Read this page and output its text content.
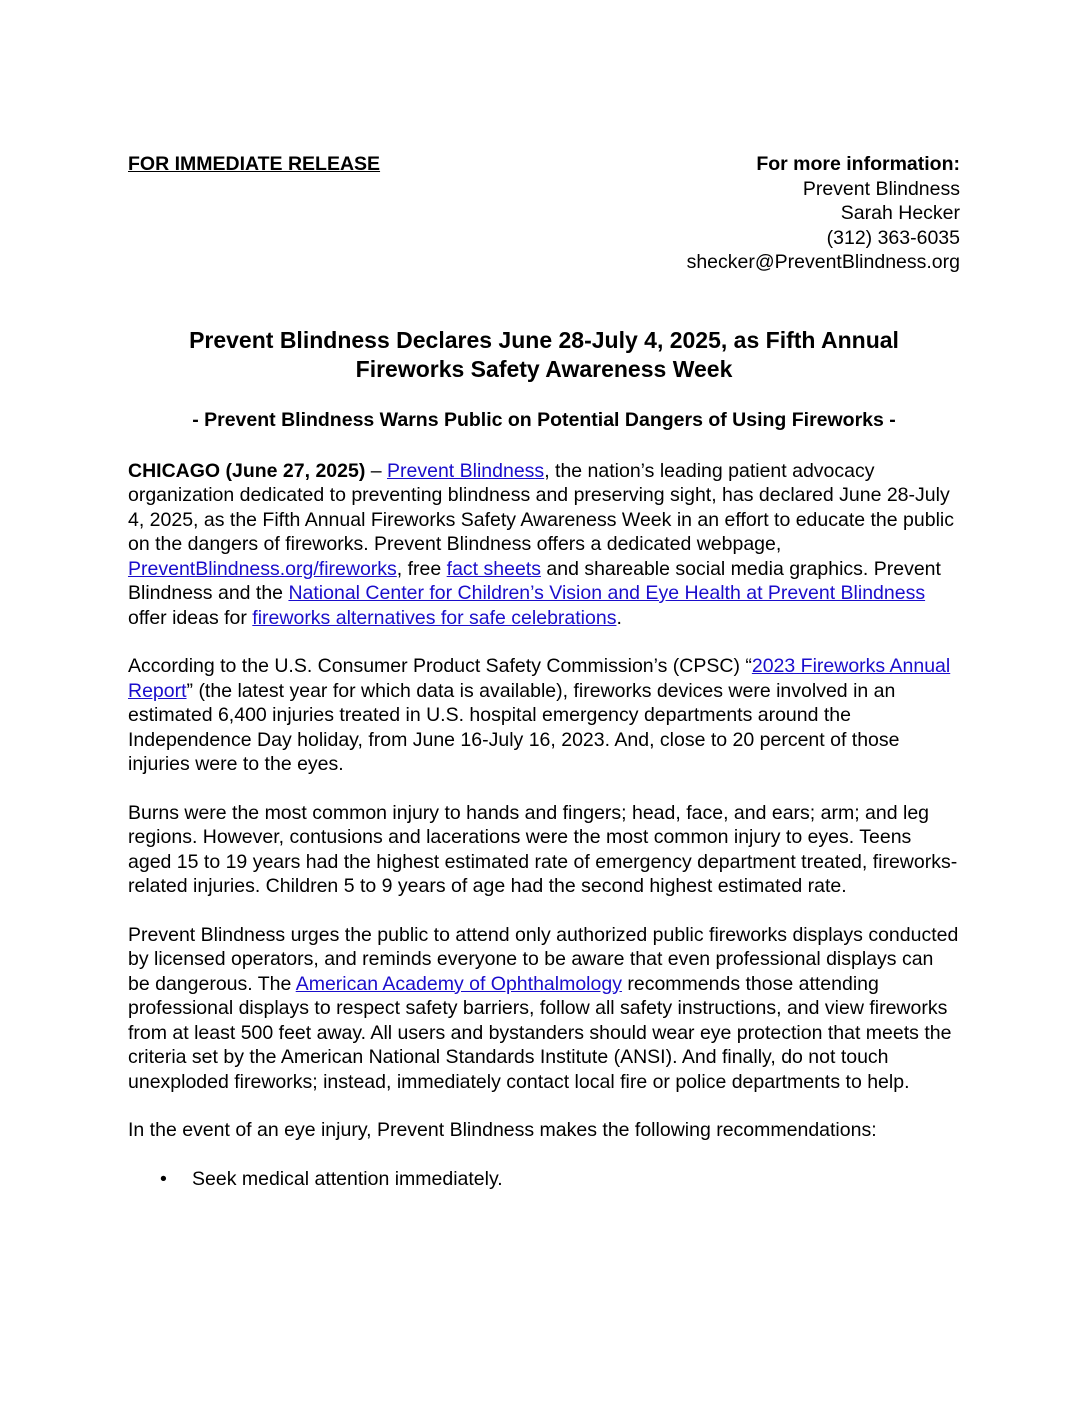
FOR IMMEDIATE RELEASE	For more information:
Prevent Blindness
Sarah Hecker
(312) 363-6035
shecker@PreventBlindness.org
Prevent Blindness Declares June 28-July 4, 2025, as Fifth Annual Fireworks Safety Awareness Week
- Prevent Blindness Warns Public on Potential Dangers of Using Fireworks -

CHICAGO (June 27, 2025) – Prevent Blindness, the nation’s leading patient advocacy organization dedicated to preventing blindness and preserving sight, has declared June 28-July 4, 2025, as the Fifth Annual Fireworks Safety Awareness Week in an effort to educate the public on the dangers of fireworks. Prevent Blindness offers a dedicated webpage, PreventBlindness.org/fireworks, free fact sheets and shareable social media graphics. Prevent Blindness and the National Center for Children’s Vision and Eye Health at Prevent Blindness offer ideas for fireworks alternatives for safe celebrations.

According to the U.S. Consumer Product Safety Commission’s (CPSC) “2023 Fireworks Annual Report” (the latest year for which data is available), fireworks devices were involved in an estimated 6,400 injuries treated in U.S. hospital emergency departments around the Independence Day holiday, from June 16-July 16, 2023. And, close to 20 percent of those injuries were to the eyes.

Burns were the most common injury to hands and fingers; head, face, and ears; arm; and leg regions. However, contusions and lacerations were the most common injury to eyes. Teens aged 15 to 19 years had the highest estimated rate of emergency department treated, fireworks-related injuries. Children 5 to 9 years of age had the second highest estimated rate.

Prevent Blindness urges the public to attend only authorized public fireworks displays conducted by licensed operators, and reminds everyone to be aware that even professional displays can be dangerous. The American Academy of Ophthalmology recommends those attending professional displays to respect safety barriers, follow all safety instructions, and view fireworks from at least 500 feet away. All users and bystanders should wear eye protection that meets the criteria set by the American National Standards Institute (ANSI). And finally, do not touch unexploded fireworks; instead, immediately contact local fire or police departments to help.

In the event of an eye injury, Prevent Blindness makes the following recommendations:

• Seek medical attention immediately.
